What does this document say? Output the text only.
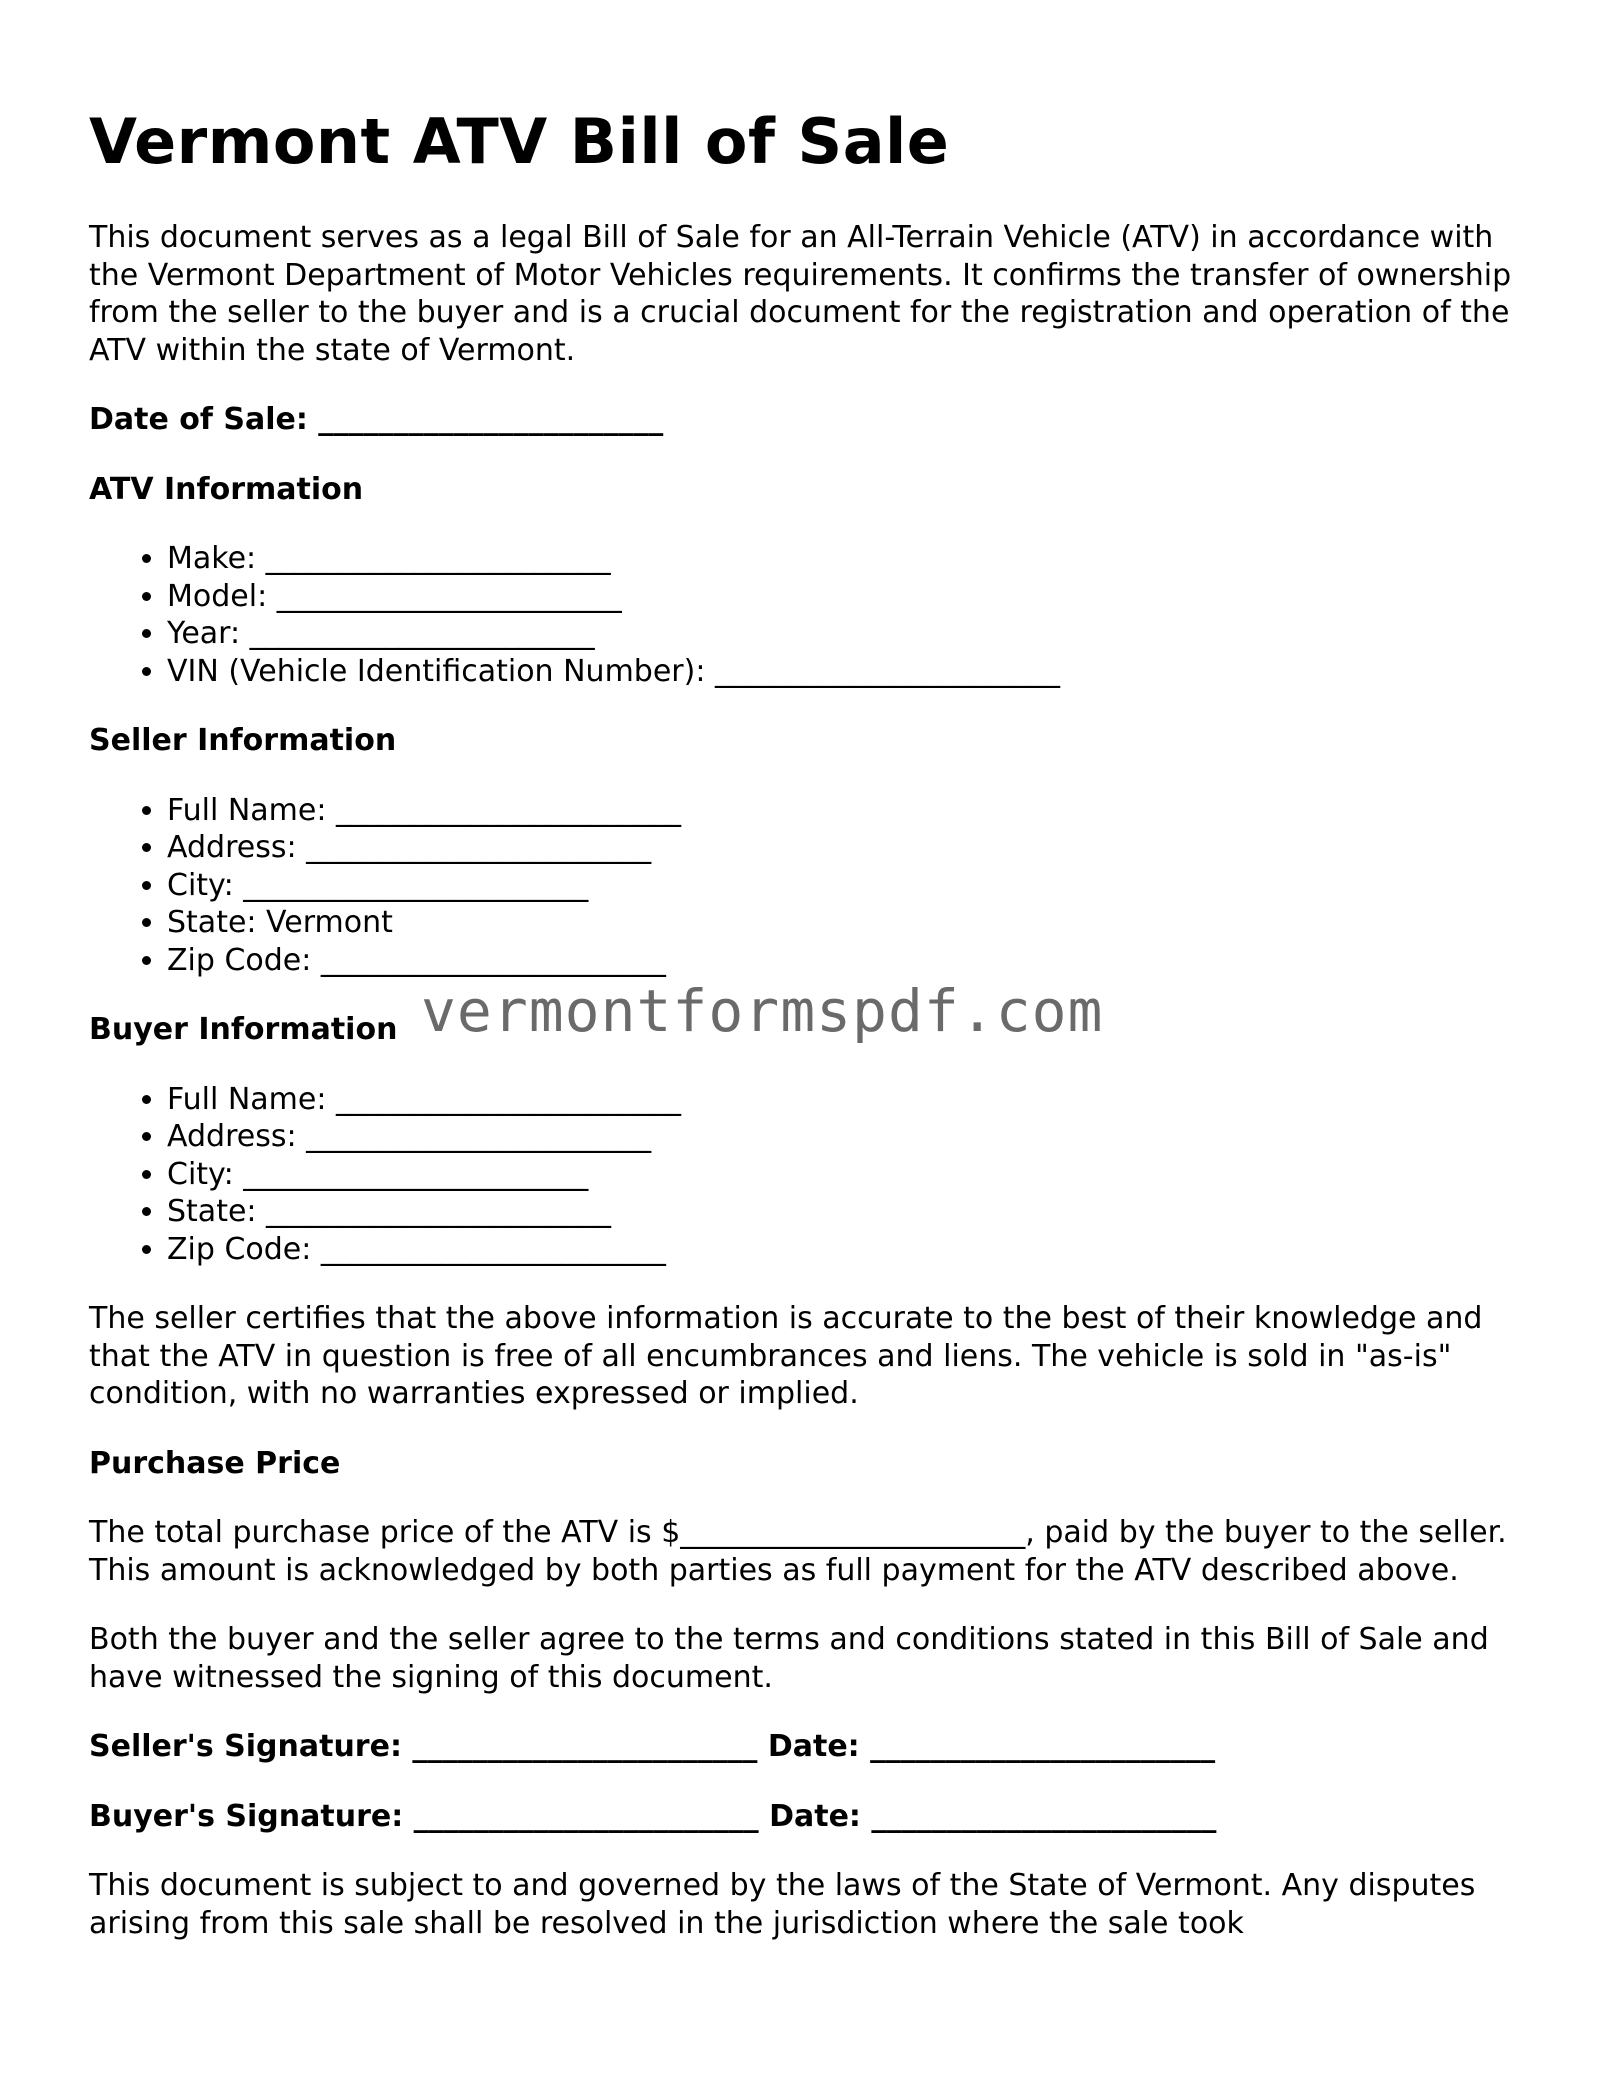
Vermont ATV Bill of Sale

This document serves as a legal Bill of Sale for an All-Terrain Vehicle (ATV) in accordance with the Vermont Department of Motor Vehicles requirements. It confirms the transfer of ownership from the seller to the buyer and is a crucial document for the registration and operation of the ATV within the state of Vermont.

Date of Sale: _______________________
ATV Information
• Make: _______________________
• Model: _______________________
• Year: _______________________
• VIN (Vehicle Identification Number): _______________________
Seller Information
• Full Name: _______________________
• Address: _______________________
• City: _______________________
• State: Vermont
• Zip Code: _______________________
Buyer Information vermontformspdf.com
• Full Name: _______________________
• Address: _______________________
• City: _______________________
• State: _______________________
• Zip Code: _______________________

The seller certifies that the above information is accurate to the best of their knowledge and that the ATV in question is free of all encumbrances and liens. The vehicle is sold in "as-is" condition, with no warranties expressed or implied.

Purchase Price

The total purchase price of the ATV is $_______________________, paid by the buyer to the seller. This amount is acknowledged by both parties as full payment for the ATV described above.

Both the buyer and the seller agree to the terms and conditions stated in this Bill of Sale and have witnessed the signing of this document.

Seller's Signature: _______________________ Date: _______________________
Buyer's Signature: _______________________ Date: _______________________

This document is subject to and governed by the laws of the State of Vermont. Any disputes arising from this sale shall be resolved in the jurisdiction where the sale took
